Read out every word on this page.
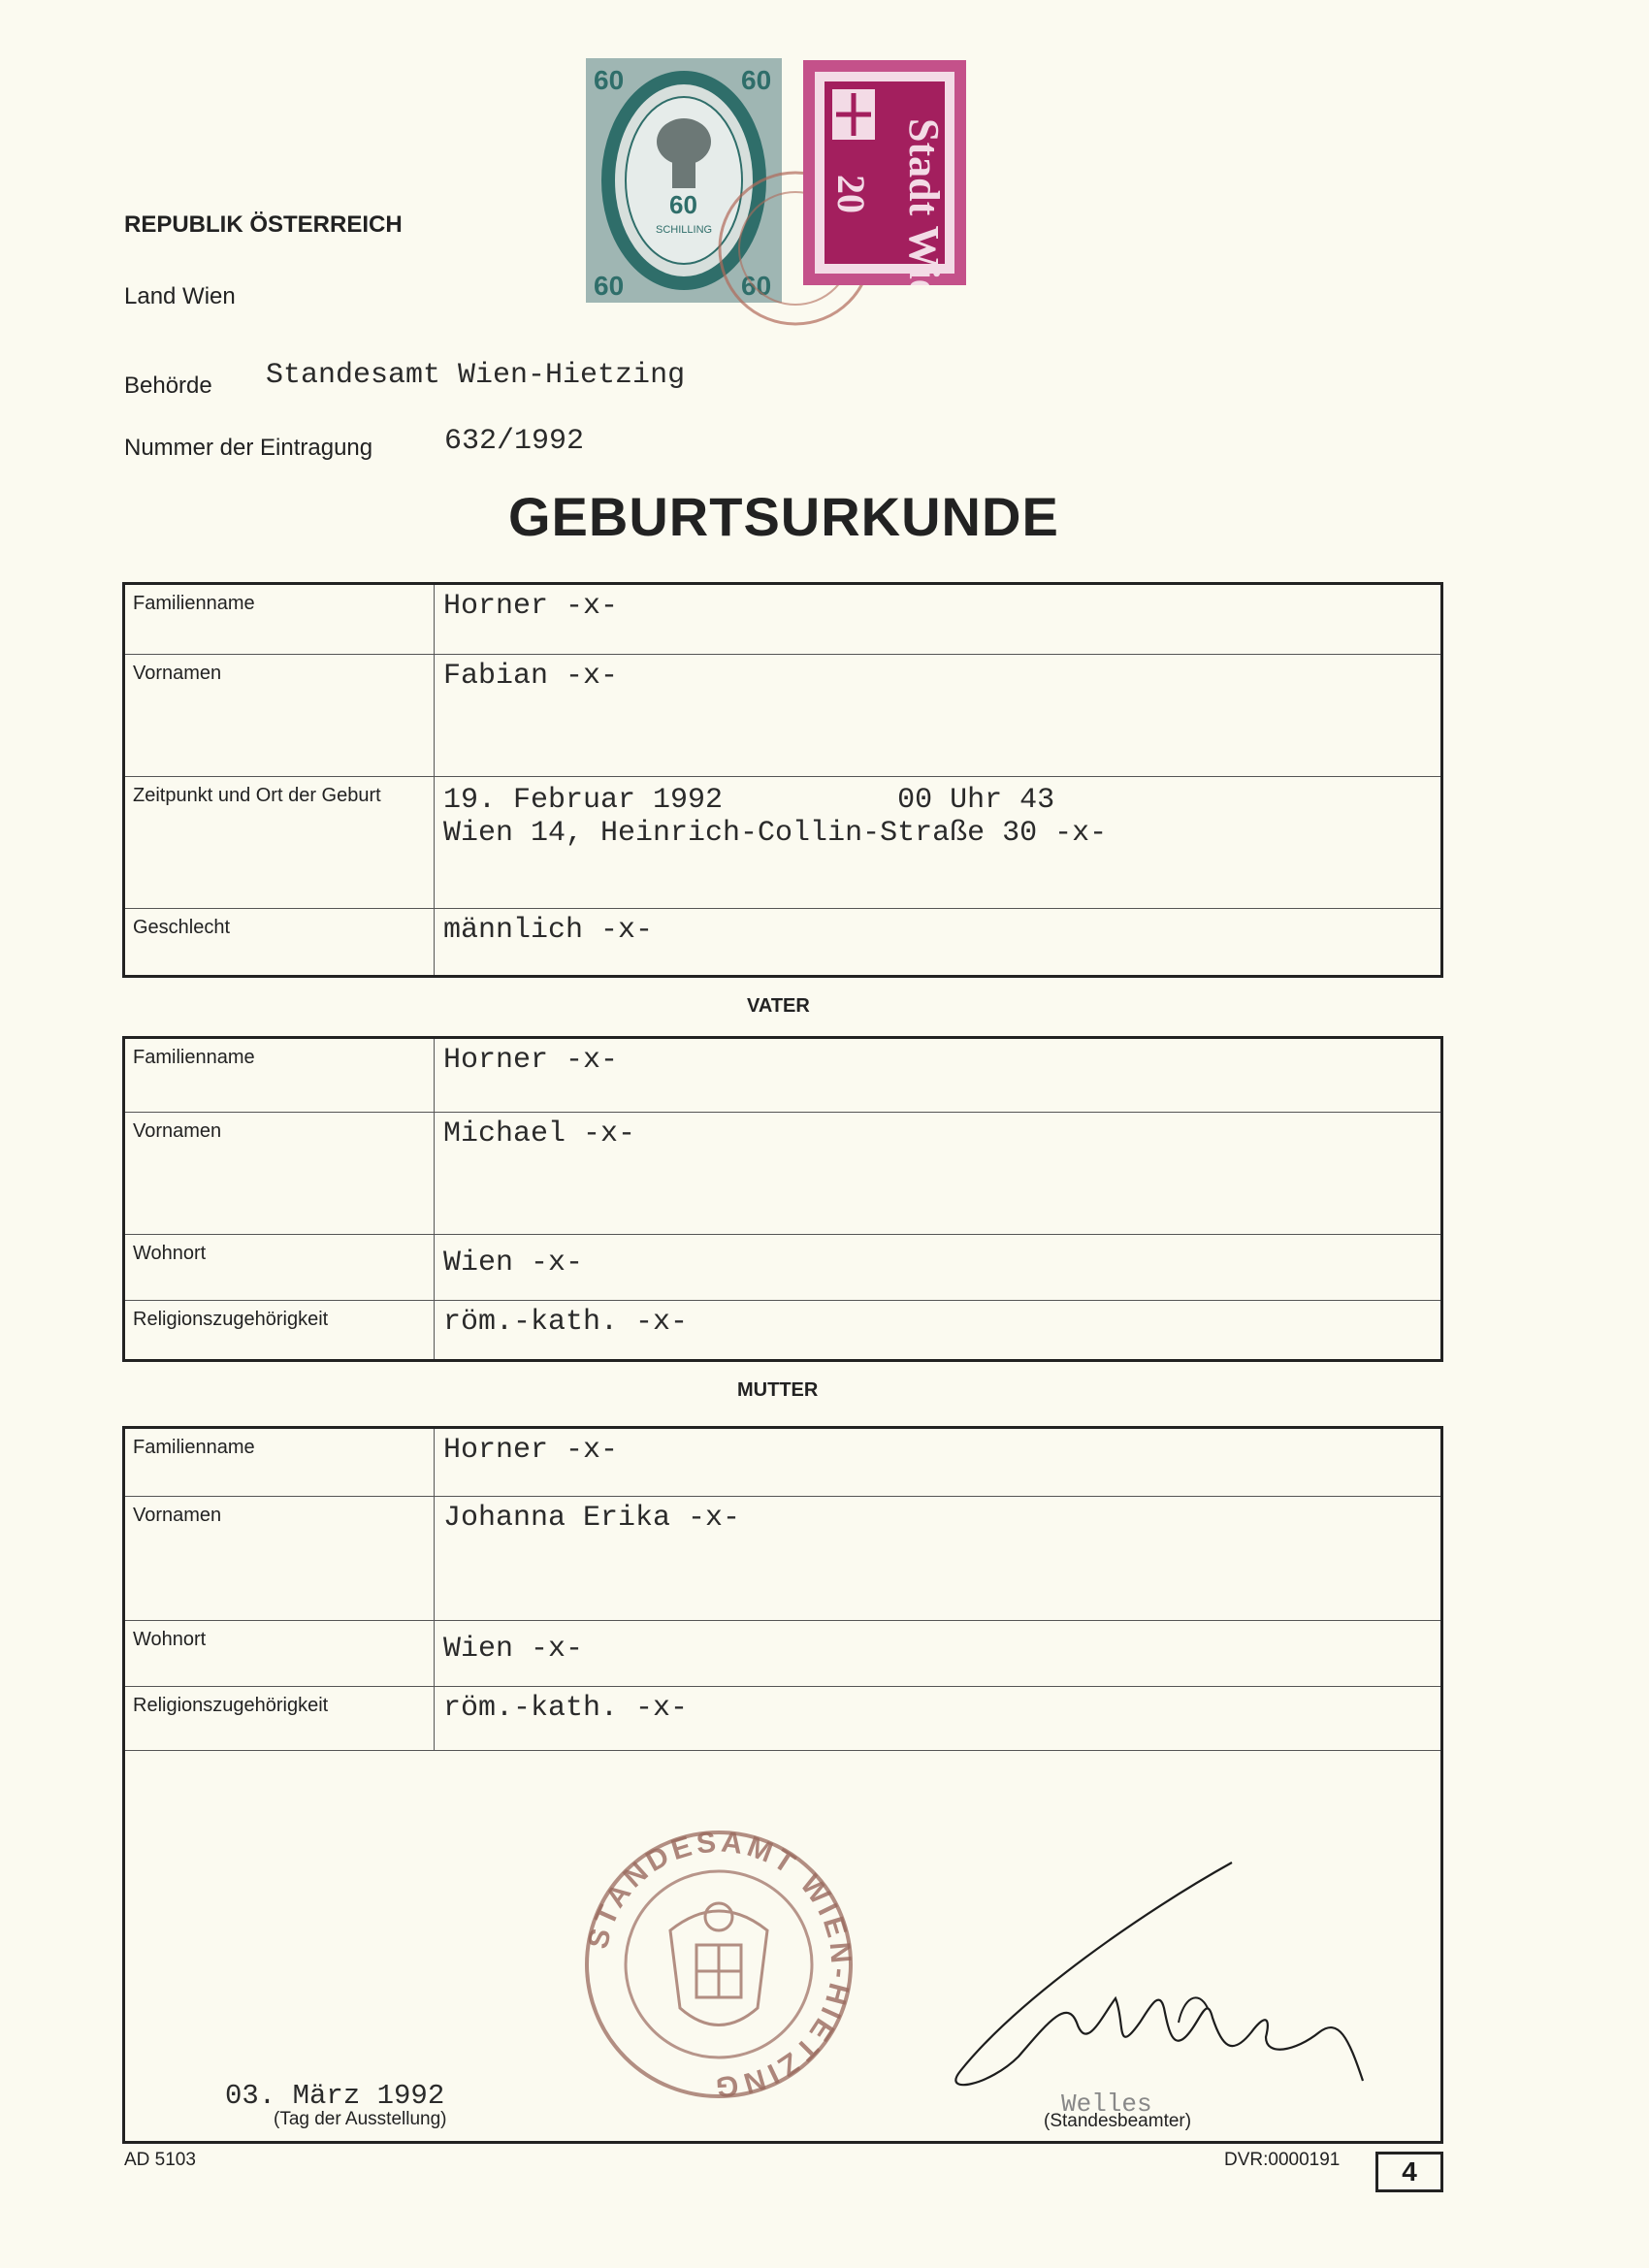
REPUBLIK ÖSTERREICH
Land Wien
Behörde Standesamt Wien-Hietzing
Nummer der Eintragung 632/1992
60	60
60
SCHILLING
60	60	Stadt Wien
20
GEBURTSURKUNDE
Familienname	Horner -x-
Vornamen	Fabian -x-
Zeitpunkt und Ort der Geburt 19. Februar 1992          00 Uhr 43
Wien 14, Heinrich-Collin-Straße 30 -x-
Geschlecht	männlich -x-
VATER
Familienname	Horner -x-
Vornamen	Michael -x-
Wohnort	Wien -x-
Religionszugehörigkeit	röm.-kath. -x-
MUTTER
Familienname	Horner -x-
Vornamen	Johanna Erika -x-
Wohnort	Wien -x-
Religionszugehörigkeit	röm.-kath. -x-
STANDESAMT WIEN-HIETZING
03. März 1992
(Tag der Ausstellung)
Welles
(Standesbeamter)
AD 5103	DVR:0000191	4
